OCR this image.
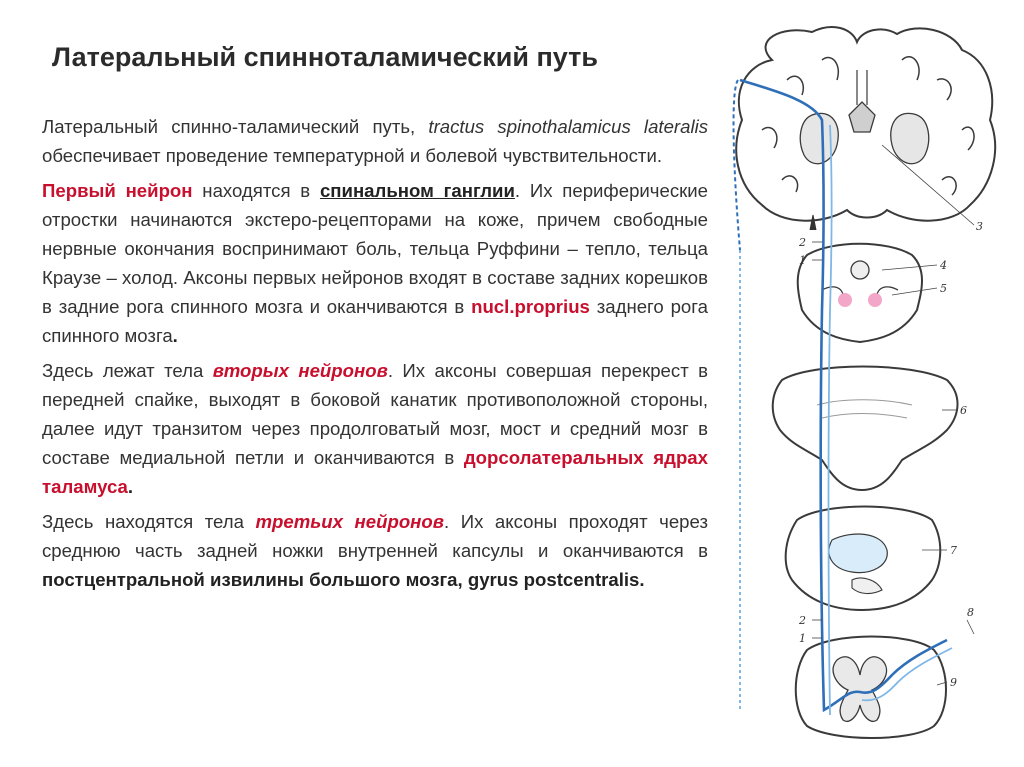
Латеральный спинноталамический путь

Латеральный спинно-таламический путь, tractus spinothalamicus lateralis обеспечивает проведение температурной и болевой чувствительности.

Первый нейрон находятся в спинальном ганглии. Их периферические отростки начинаются экстеро-рецепторами на коже, причем свободные нервные окончания воспринимают боль, тельца Руффини – тепло, тельца Краузе – холод. Аксоны первых нейронов входят в составе задних корешков в задние рога спинного мозга и оканчиваются в nucl.proprius заднего рога спинного мозга.

Здесь лежат тела вторых нейронов. Их аксоны совершая перекрест в передней спайке, выходят в боковой канатик противоположной стороны, далее идут транзитом через продолговатый мозг, мост и средний мозг в составе медиальной петли и оканчиваются в дорсолатеральных ядрах таламуса.

Здесь находятся тела третьих нейронов. Их аксоны проходят через среднюю часть задней ножки внутренней капсулы и оканчиваются в постцентральной извилины большого мозга, gyrus postcentralis.

2
1
3
4
5
6
7
2
1
8
9
